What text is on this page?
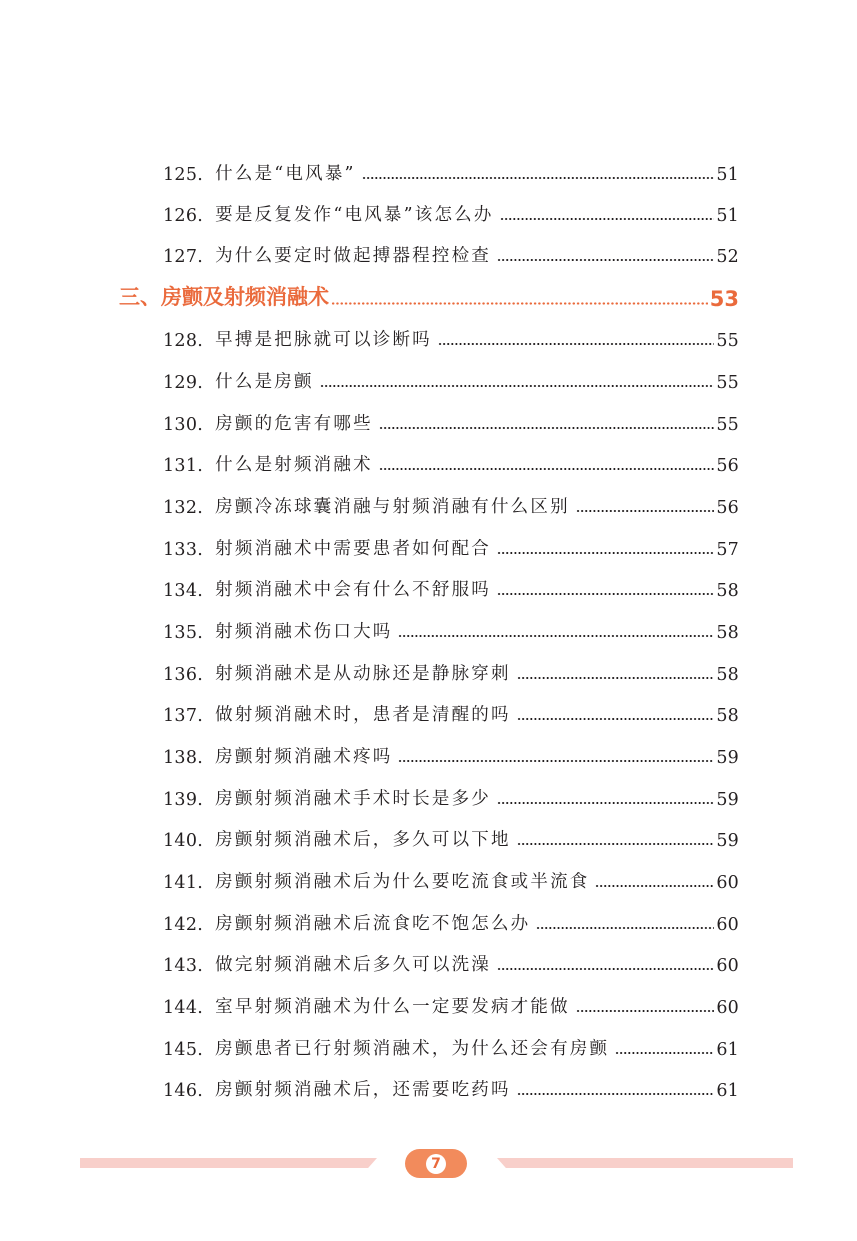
125. 什么是“电风暴”	51
126. 要是反复发作“电风暴”该怎么办	51
127. 为什么要定时做起搏器程控检查	52
三、房颤及射频消融术	53
128. 早搏是把脉就可以诊断吗	55
129. 什么是房颤	55
130. 房颤的危害有哪些	55
131. 什么是射频消融术	56
132. 房颤冷冻球囊消融与射频消融有什么区别	56
133. 射频消融术中需要患者如何配合	57
134. 射频消融术中会有什么不舒服吗	58
135. 射频消融术伤口大吗	58
136. 射频消融术是从动脉还是静脉穿刺	58
137. 做射频消融术时，患者是清醒的吗	58
138. 房颤射频消融术疼吗	59
139. 房颤射频消融术手术时长是多少	59
140. 房颤射频消融术后，多久可以下地	59
141. 房颤射频消融术后为什么要吃流食或半流食	60
142. 房颤射频消融术后流食吃不饱怎么办	60
143. 做完射频消融术后多久可以洗澡	60
144. 室早射频消融术为什么一定要发病才能做	60
145. 房颤患者已行射频消融术，为什么还会有房颤	61
146. 房颤射频消融术后，还需要吃药吗	61
7
